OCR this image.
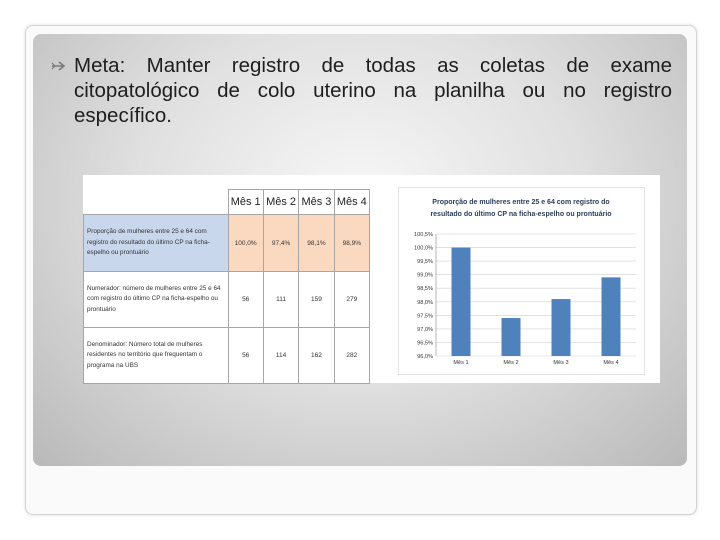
Meta: Manter registro de todas as coletas de exame citopatológico de colo uterino na planilha ou no registro específico.
	Mês 1	Mês 2	Mês 3	Mês 4
Proporção de mulheres entre 25 e 64 com registro do resultado do último CP na ficha-espelho ou prontuário	100,0%	97,4%	98,1%	98,9%
Numerador: número de mulheres entre 25 e 64 com registro do último CP na ficha-espelho ou prontuário	56	111	159	279
Denominador: Número total de mulheres residentes no território que frequentam o programa na UBS	56	114	162	282
Proporção de mulheres entre 25 e 64 com registro do
resultado do último CP na ficha-espelho ou prontuário
96,0%
96,5%
97,0%
97,5%
98,0%
98,5%
99,0%
99,5%
100,0%
100,5%
Mês 1	Mês 2	Mês 3	Mês 4
